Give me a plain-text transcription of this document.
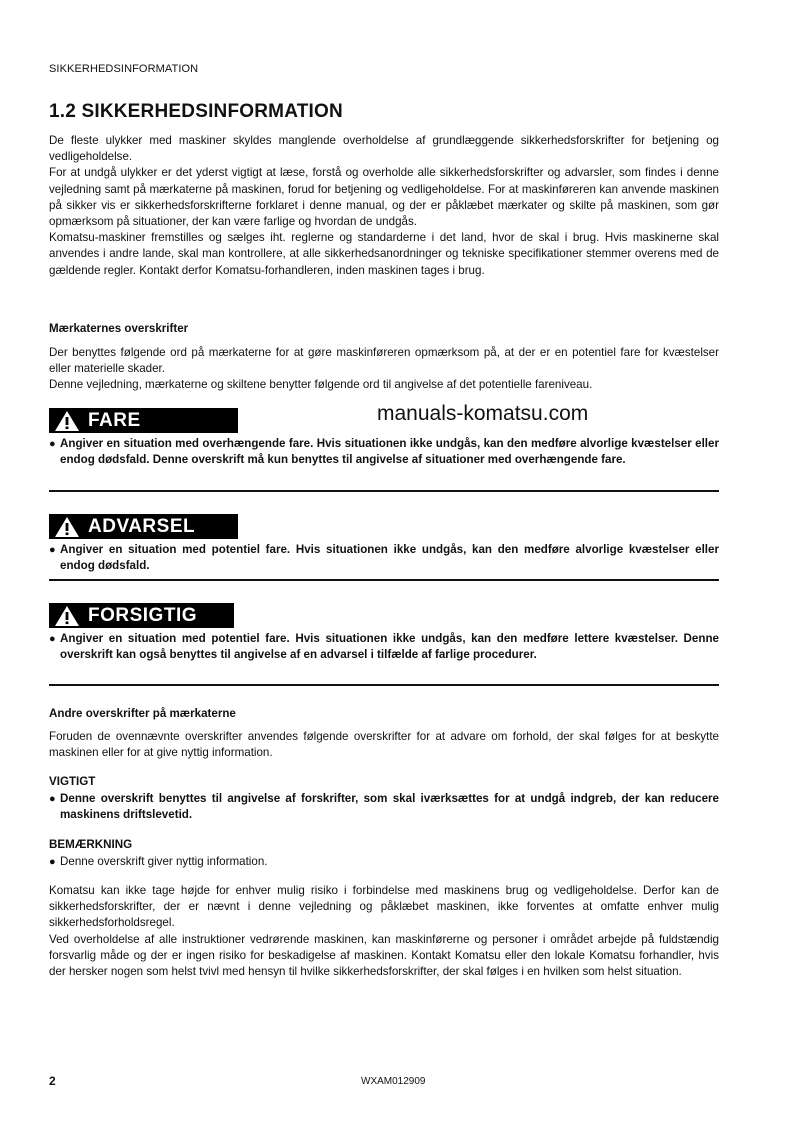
SIKKERHEDSINFORMATION
1.2 SIKKERHEDSINFORMATION
De fleste ulykker med maskiner skyldes manglende overholdelse af grundlæggende sikkerhedsforskrifter for betjening og vedligeholdelse.
For at undgå ulykker er det yderst vigtigt at læse, forstå og overholde alle sikkerhedsforskrifter og advarsler, som findes i denne vejledning samt på mærkaterne på maskinen, forud for betjening og vedligeholdelse. For at maskinføreren kan anvende maskinen på sikker vis er sikkerhedsforskrifterne forklaret i denne manual, og der er påklæbet mærkater og skilte på maskinen, som gør opmærksom på situationer, der kan være farlige og hvordan de undgås.
Komatsu-maskiner fremstilles og sælges iht. reglerne og standarderne i det land, hvor de skal i brug. Hvis maskinerne skal anvendes i andre lande, skal man kontrollere, at alle sikkerhedsanordninger og tekniske specifikationer stemmer overens med de gældende regler. Kontakt derfor Komatsu-forhandleren, inden maskinen tages i brug.
Mærkaternes overskrifter
Der benyttes følgende ord på mærkaterne for at gøre maskinføreren opmærksom på, at der er en potentiel fare for kvæstelser eller materielle skader.
Denne vejledning, mærkaterne og skiltene benytter følgende ord til angivelse af det potentielle fareniveau.
manuals-komatsu.com
FARE
● Angiver en situation med overhængende fare. Hvis situationen ikke undgås, kan den medføre alvorlige kvæstelser eller endog dødsfald. Denne overskrift må kun benyttes til angivelse af situationer med overhængende fare.
ADVARSEL
● Angiver en situation med potentiel fare. Hvis situationen ikke undgås, kan den medføre alvorlige kvæstelser eller endog dødsfald.
FORSIGTIG
● Angiver en situation med potentiel fare. Hvis situationen ikke undgås, kan den medføre lettere kvæstelser. Denne overskrift kan også benyttes til angivelse af en advarsel i tilfælde af farlige procedurer.
Andre overskrifter på mærkaterne
Foruden de ovennævnte overskrifter anvendes følgende overskrifter for at advare om forhold, der skal følges for at beskytte maskinen eller for at give nyttig information.
VIGTIGT
● Denne overskrift benyttes til angivelse af forskrifter, som skal iværksættes for at undgå indgreb, der kan reducere maskinens driftslevetid.
BEMÆRKNING
● Denne overskrift giver nyttig information.
Komatsu kan ikke tage højde for enhver mulig risiko i forbindelse med maskinens brug og vedligeholdelse. Derfor kan de sikkerhedsforskrifter, der er nævnt i denne vejledning og påklæbet maskinen, ikke forventes at omfatte enhver mulig sikkerhedsforholdsregel.
Ved overholdelse af alle instruktioner vedrørende maskinen, kan maskinførerne og personer i området arbejde på fuldstændig forsvarlig måde og der er ingen risiko for beskadigelse af maskinen. Kontakt Komatsu eller den lokale Komatsu forhandler, hvis der hersker nogen som helst tvivl med hensyn til hvilke sikkerhedsforskrifter, der skal følges i en hvilken som helst situation.
2	WXAM012909
